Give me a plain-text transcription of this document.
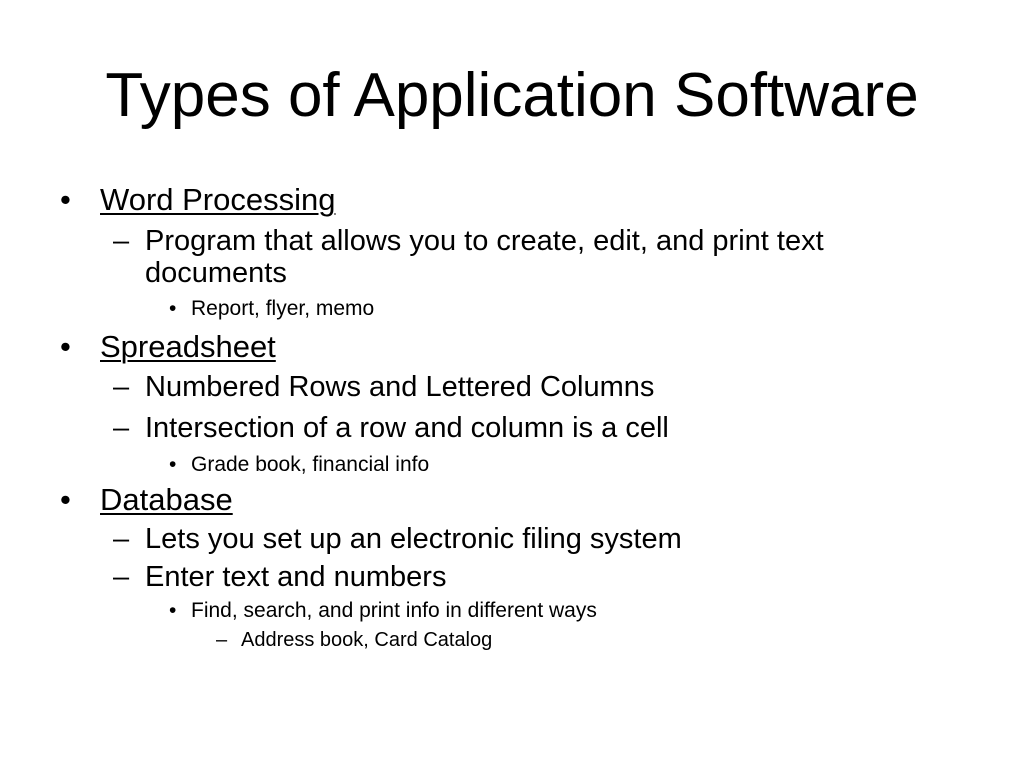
Types of Application Software
• Word Processing
– Program that allows you to create, edit, and print text
documents
• Report, flyer, memo
• Spreadsheet
– Numbered Rows and Lettered Columns
– Intersection of a row and column is a cell
• Grade book, financial info
• Database
– Lets you set up an electronic filing system
– Enter text and numbers
• Find, search, and print info in different ways
– Address book, Card Catalog
